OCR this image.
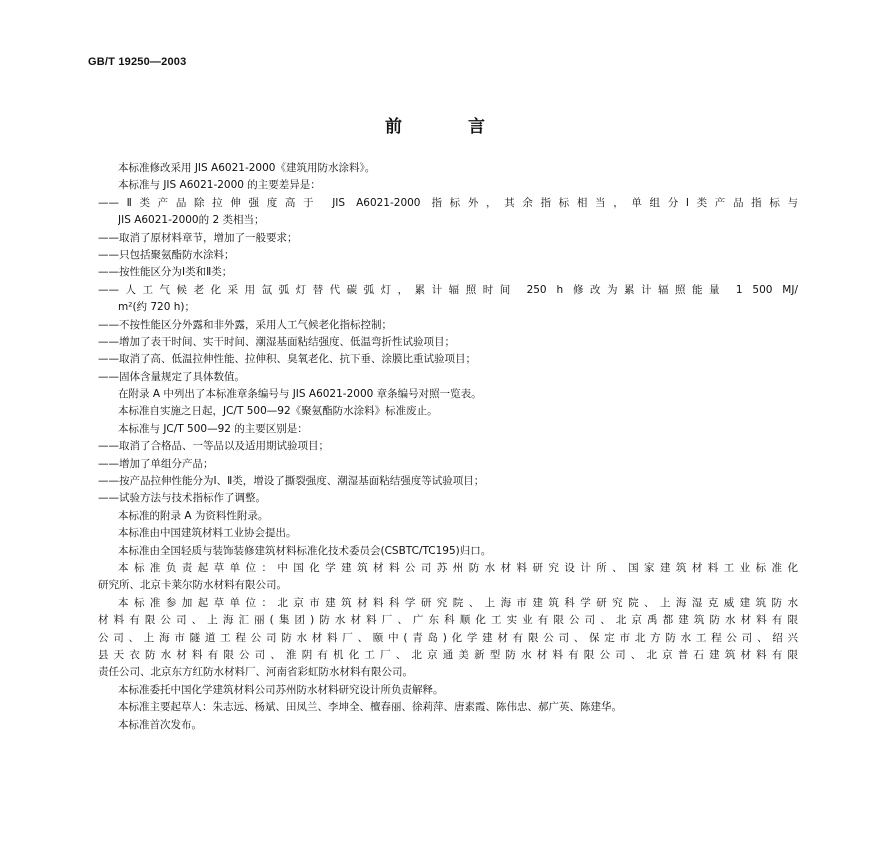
GB/T 19250—2003
前 言
本标准修改采用 JIS A6021-2000《建筑用防水涂料》。
本标准与 JIS A6021-2000 的主要差异是：
——Ⅱ类产品除拉伸强度高于 JIS A6021-2000 指标外，其余指标相当，单组分Ⅰ类产品指标与
JIS A6021-2000的 2 类相当；
——取消了原材料章节，增加了一般要求；
——只包括聚氨酯防水涂料；
——按性能区分为Ⅰ类和Ⅱ类；
——人工气候老化采用氙弧灯替代碳弧灯，累计辐照时间 250 h 修改为累计辐照能量 1 500 MJ/
m²(约 720 h)；
——不按性能区分外露和非外露，采用人工气候老化指标控制；
——增加了表干时间、实干时间、潮湿基面粘结强度、低温弯折性试验项目；
——取消了高、低温拉伸性能、拉伸积、臭氧老化、抗下垂、涂膜比重试验项目；
——固体含量规定了具体数值。
在附录 A 中列出了本标准章条编号与 JIS A6021-2000 章条编号对照一览表。
本标准自实施之日起，JC/T 500—92《聚氨酯防水涂料》标准废止。
本标准与 JC/T 500—92 的主要区别是：
——取消了合格品、一等品以及适用期试验项目；
——增加了单组分产品；
——按产品拉伸性能分为Ⅰ、Ⅱ类，增设了撕裂强度、潮湿基面粘结强度等试验项目；
——试验方法与技术指标作了调整。
本标准的附录 A 为资料性附录。
本标准由中国建筑材料工业协会提出。
本标准由全国轻质与装饰装修建筑材料标准化技术委员会(CSBTC/TC195)归口。
本标准负责起草单位：中国化学建筑材料公司苏州防水材料研究设计所、国家建筑材料工业标准化
研究所、北京卡莱尔防水材料有限公司。
本标准参加起草单位：北京市建筑材料科学研究院、上海市建筑科学研究院、上海湿克威建筑防水
材料有限公司、上海汇丽(集团)防水材料厂、广东科顺化工实业有限公司、北京禹都建筑防水材料有限
公司、上海市隧道工程公司防水材料厂、颐中(青岛)化学建材有限公司、保定市北方防水工程公司、绍兴
县天衣防水材料有限公司、淮阴有机化工厂、北京通美新型防水材料有限公司、北京普石建筑材料有限
责任公司、北京东方红防水材料厂、河南省彩虹防水材料有限公司。
本标准委托中国化学建筑材料公司苏州防水材料研究设计所负责解释。
本标准主要起草人：朱志远、杨斌、田凤兰、李坤全、檀春丽、徐莉萍、唐素霞、陈伟忠、郝广英、陈建华。
本标准首次发布。
